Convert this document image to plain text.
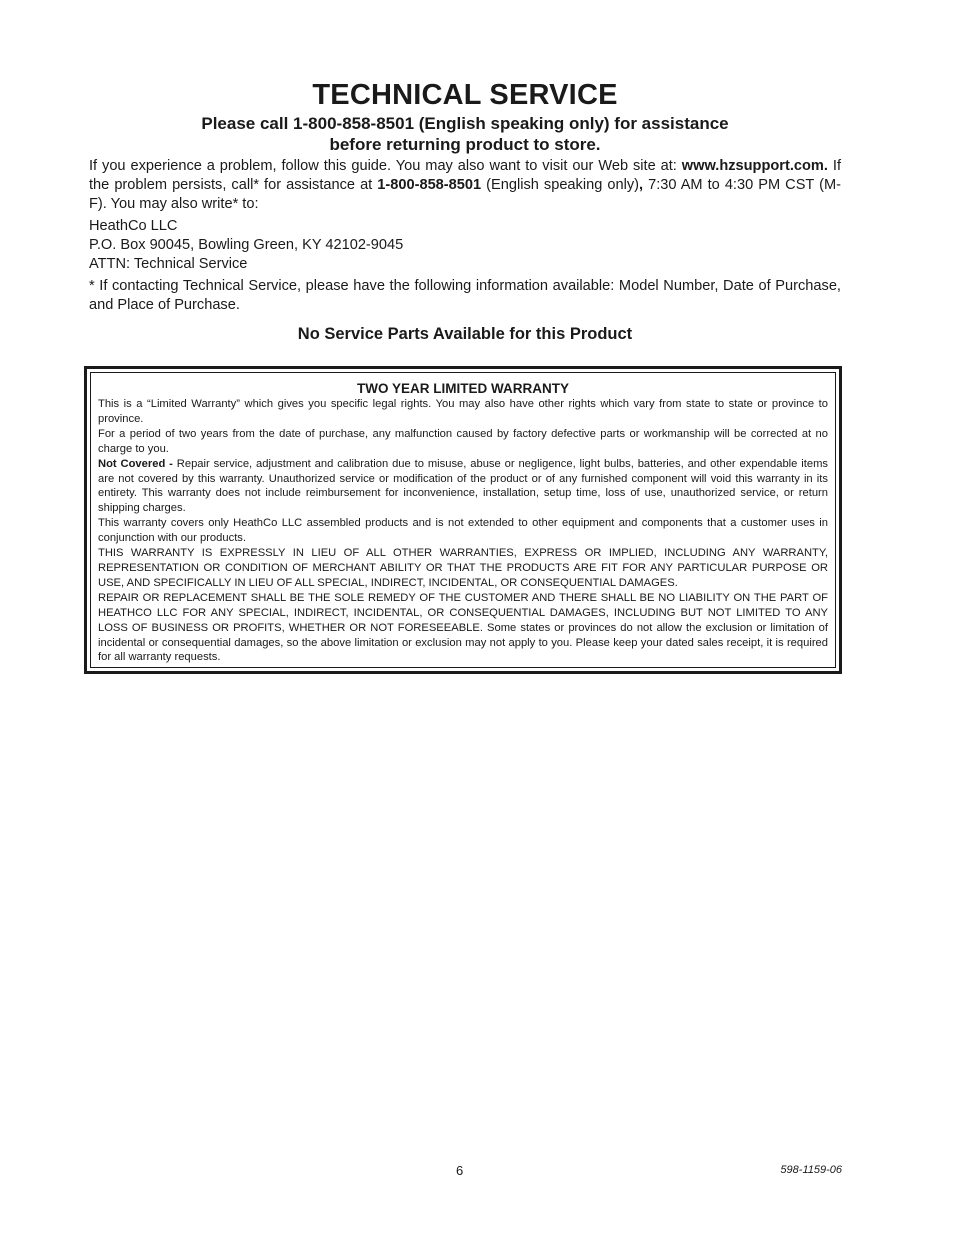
TECHNICAL SERVICE
Please call 1-800-858-8501 (English speaking only) for assistance
before returning product to store.

If you experience a problem, follow this guide. You may also want to visit our Web site at: www.hzsupport.com. If the problem persists, call* for assistance at 1-800-858-8501 (English speaking only), 7:30 AM to 4:30 PM CST (M-F). You may also write* to:

HeathCo LLC

P.O. Box 90045, Bowling Green, KY 42102-9045

ATTN: Technical Service

* If contacting Technical Service, please have the following information available: Model Number, Date of Purchase, and Place of Purchase.

No Service Parts Available for this Product
TWO YEAR LIMITED WARRANTY

This is a “Limited Warranty” which gives you specific legal rights. You may also have other rights which vary from state to state or province to province.

For a period of two years from the date of purchase, any malfunction caused by factory defective parts or workmanship will be corrected at no charge to you.

Not Covered - Repair service, adjustment and calibration due to misuse, abuse or negligence, light bulbs, batteries, and other expendable items are not covered by this warranty. Unauthorized service or modification of the product or of any furnished component will void this warranty in its entirety. This warranty does not include reimbursement for inconvenience, installation, setup time, loss of use, unauthorized service, or return shipping charges.

This warranty covers only HeathCo LLC assembled products and is not extended to other equipment and components that a customer uses in conjunction with our products.

THIS WARRANTY IS EXPRESSLY IN LIEU OF ALL OTHER WARRANTIES, EXPRESS OR IMPLIED, INCLUDING ANY WARRANTY, REPRESENTATION OR CONDITION OF MERCHANT ABILITY OR THAT THE PRODUCTS ARE FIT FOR ANY PARTICULAR PURPOSE OR USE, AND SPECIFICALLY IN LIEU OF ALL SPECIAL, INDIRECT, INCIDENTAL, OR CONSEQUENTIAL DAMAGES.

REPAIR OR REPLACEMENT SHALL BE THE SOLE REMEDY OF THE CUSTOMER AND THERE SHALL BE NO LIABILITY ON THE PART OF HEATHCO LLC FOR ANY SPECIAL, INDIRECT, INCIDENTAL, OR CONSEQUENTIAL DAMAGES, INCLUDING BUT NOT LIMITED TO ANY LOSS OF BUSINESS OR PROFITS, WHETHER OR NOT FORESEEABLE. Some states or provinces do not allow the exclusion or limitation of incidental or consequential damages, so the above limitation or exclusion may not apply to you. Please keep your dated sales receipt, it is required for all warranty requests.

6	598-1159-06
